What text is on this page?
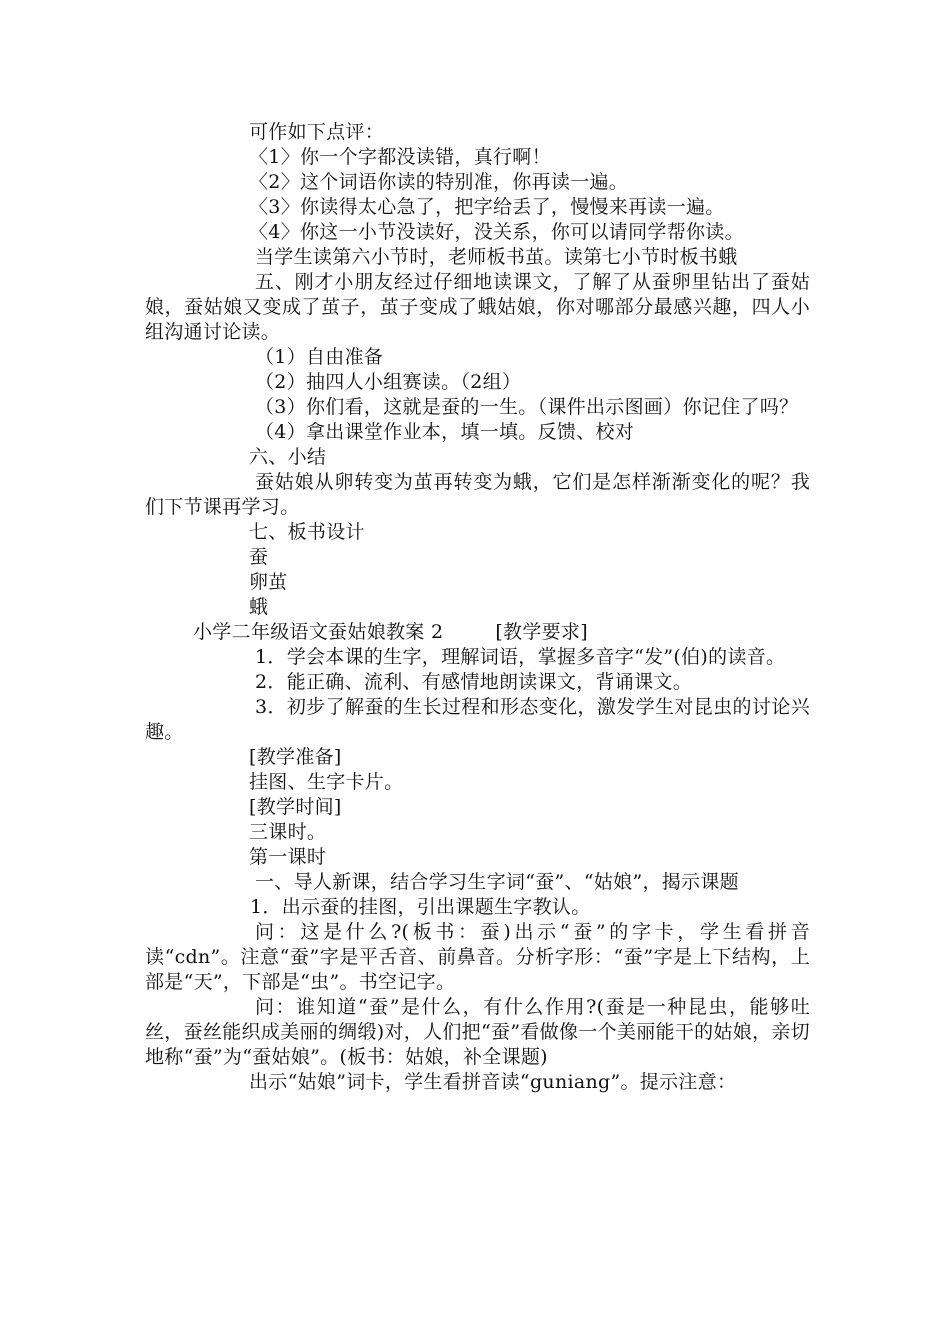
可作如下点评：
〈1〉你一个字都没读错，真行啊！
〈2〉这个词语你读的特别准，你再读一遍。
〈3〉你读得太心急了，把字给丢了，慢慢来再读一遍。
〈4〉你这一小节没读好，没关系，你可以请同学帮你读。

当学生读第六小节时，老师板书茧。读第七小节时板书蛾

五、刚才小朋友经过仔细地读课文，了解了从蚕卵里钻出了蚕姑娘，蚕姑娘又变成了茧子，茧子变成了蛾姑娘，你对哪部分最感兴趣，四人小组沟通讨论读。

（1）自由准备
（2）抽四人小组赛读。（2组）

（3）你们看，这就是蚕的一生。（课件出示图画）你记住了吗？

（4）拿出课堂作业本，填一填。反馈、校对
六、小结

蚕姑娘从卵转变为茧再转变为蛾，它们是怎样渐渐变化的呢？我们下节课再学习。

七、板书设计
蚕
卵茧
蛾
小学二年级语文蚕姑娘教案 2	[教学要求]

1．学会本课的生字，理解词语，掌握多音字“发”(伯)的读音。

2．能正确、流利、有感情地朗读课文，背诵课文。

3．初步了解蚕的生长过程和形态变化，激发学生对昆虫的讨论兴趣。

[教学准备]
挂图、生字卡片。
[教学时间]
三课时。
第一课时

一、导人新课，结合学习生字词“蚕”、“姑娘”，揭示课题

1．出示蚕的挂图，引出课题生字教认。

问：这是什么?(板书：蚕)出示“蚕”的字卡，学生看拼音读“cdn”。注意“蚕”字是平舌音、前鼻音。分析字形：“蚕”字是上下结构，上部是“天”，下部是“虫”。书空记字。

问：谁知道“蚕”是什么，有什么作用?(蚕是一种昆虫，能够吐丝，蚕丝能织成美丽的绸缎)对，人们把“蚕”看做像一个美丽能干的姑娘，亲切地称“蚕”为“蚕姑娘”。(板书：姑娘，补全课题)

出示“姑娘”词卡，学生看拼音读“guniang”。提示注意：
